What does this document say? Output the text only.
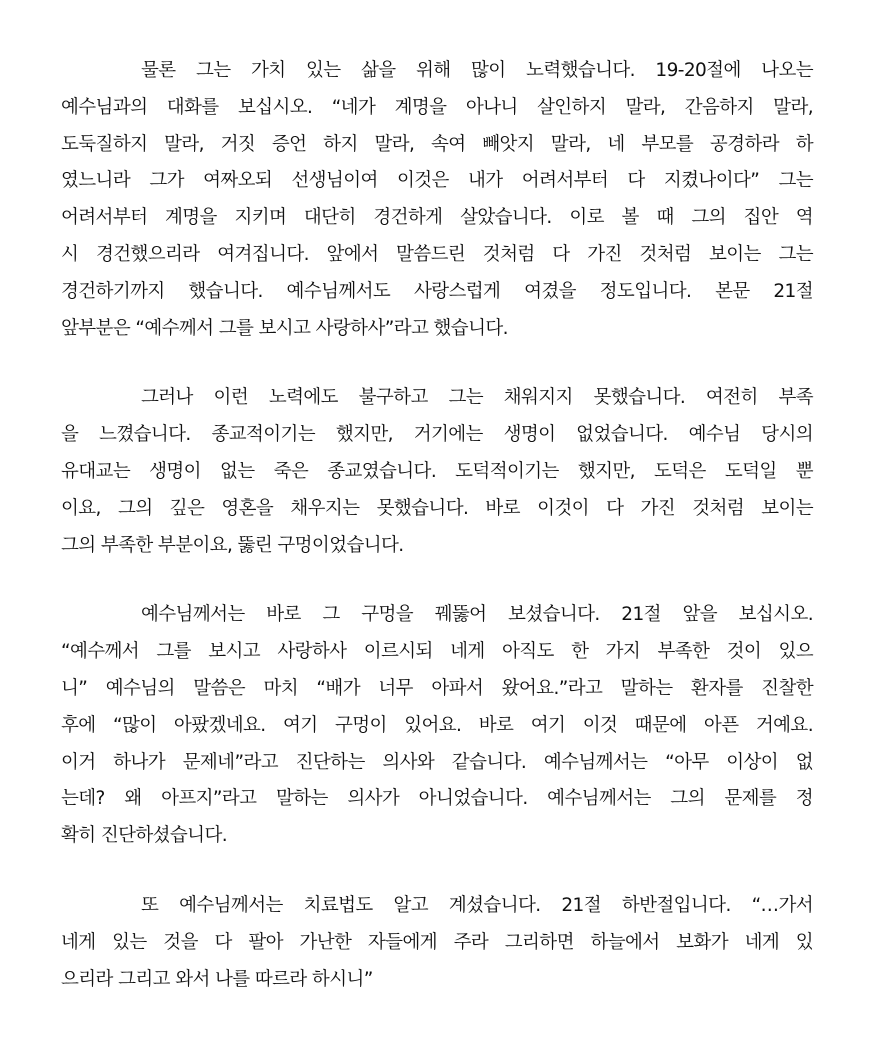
물론 그는 가치 있는 삶을 위해 많이 노력했습니다. 19-20절에 나오는
예수님과의 대화를 보십시오. “네가 계명을 아나니 살인하지 말라, 간음하지 말라,
도둑질하지 말라, 거짓 증언 하지 말라, 속여 빼앗지 말라, 네 부모를 공경하라 하
였느니라 그가 여짜오되 선생님이여 이것은 내가 어려서부터 다 지켰나이다” 그는
어려서부터 계명을 지키며 대단히 경건하게 살았습니다. 이로 볼 때 그의 집안 역
시 경건했으리라 여겨집니다. 앞에서 말씀드린 것처럼 다 가진 것처럼 보이는 그는
경건하기까지 했습니다. 예수님께서도 사랑스럽게 여겼을 정도입니다. 본문 21절
앞부분은 “예수께서 그를 보시고 사랑하사”라고 했습니다.
그러나 이런 노력에도 불구하고 그는 채워지지 못했습니다. 여전히 부족
을 느꼈습니다. 종교적이기는 했지만, 거기에는 생명이 없었습니다. 예수님 당시의
유대교는 생명이 없는 죽은 종교였습니다. 도덕적이기는 했지만, 도덕은 도덕일 뿐
이요, 그의 깊은 영혼을 채우지는 못했습니다. 바로 이것이 다 가진 것처럼 보이는
그의 부족한 부분이요, 뚫린 구멍이었습니다.
예수님께서는 바로 그 구멍을 꿰뚫어 보셨습니다. 21절 앞을 보십시오.
“예수께서 그를 보시고 사랑하사 이르시되 네게 아직도 한 가지 부족한 것이 있으
니” 예수님의 말씀은 마치 “배가 너무 아파서 왔어요.”라고 말하는 환자를 진찰한
후에 “많이 아팠겠네요. 여기 구멍이 있어요. 바로 여기 이것 때문에 아픈 거예요.
이거 하나가 문제네”라고 진단하는 의사와 같습니다. 예수님께서는 “아무 이상이 없
는데? 왜 아프지”라고 말하는 의사가 아니었습니다. 예수님께서는 그의 문제를 정
확히 진단하셨습니다.
또 예수님께서는 치료법도 알고 계셨습니다. 21절 하반절입니다. “…가서
네게 있는 것을 다 팔아 가난한 자들에게 주라 그리하면 하늘에서 보화가 네게 있
으리라 그리고 와서 나를 따르라 하시니”
